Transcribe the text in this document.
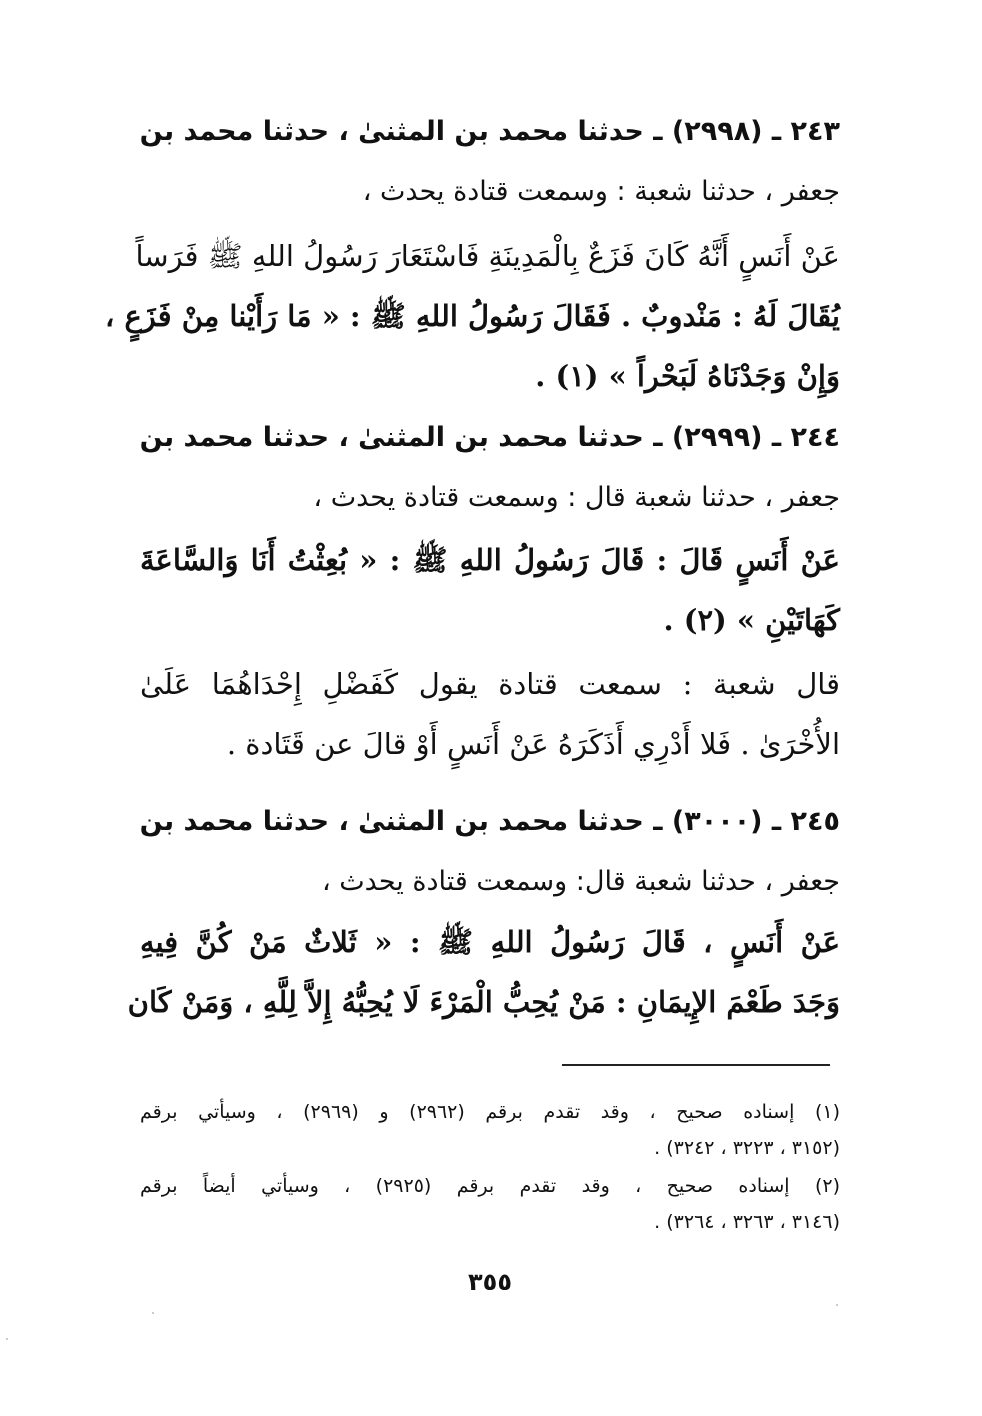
٢٤٣ ـ (٢٩٩٨) ـ حدثنا محمد بن المثنىٰ ، حدثنا محمد بن
جعفر ، حدثنا شعبة : وسمعت قتادة يحدث ،
عَنْ أَنَسٍ أَنَّهُ كَانَ فَزَعٌ بِالْمَدِينَةِ فَاسْتَعَارَ رَسُولُ اللهِ ﷺ فَرَساً
يُقَالَ لَهُ : مَنْدوبٌ . فَقَالَ رَسُولُ اللهِ ﷺ : « مَا رَأَيْنا مِنْ فَزَعٍ ،
وَإِنْ وَجَدْنَاهُ لَبَحْراً » (١) .
٢٤٤ ـ (٢٩٩٩) ـ حدثنا محمد بن المثنىٰ ، حدثنا محمد بن
جعفر ، حدثنا شعبة قال : وسمعت قتادة يحدث ،
عَنْ أَنَسٍ قَالَ : قَالَ رَسُولُ اللهِ ﷺ : « بُعِثْتُ أَنَا وَالسَّاعَةَ
كَهَاتَيْنِ » (٢) .
قال شعبة : سمعت قتادة يقول كَفَضْلِ إِحْدَاهُمَا عَلَىٰ
الأُخْرَىٰ . فَلا أَدْرِي أَذَكَرَهُ عَنْ أَنَسٍ أَوْ قالَ عن قَتَادة .
٢٤٥ ـ (٣٠٠٠) ـ حدثنا محمد بن المثنىٰ ، حدثنا محمد بن
جعفر ، حدثنا شعبة قال: وسمعت قتادة يحدث ،
عَنْ أَنَسٍ ، قَالَ رَسُولُ اللهِ ﷺ : « ثَلاثٌ مَنْ كُنَّ فِيهِ
وَجَدَ طَعْمَ الإِيمَانِ : مَنْ يُحِبُّ الْمَرْءَ لَا يُحِبُّهُ إِلاَّ لِلَّهِ ، وَمَنْ كَان
(١) إسناده صحيح ، وقد تقدم برقم (٢٩٦٢) و (٢٩٦٩) ، وسيأتي برقم
(٣١٥٢ ، ٣٢٢٣ ، ٣٢٤٢) .
(٢) إسناده صحيح ، وقد تقدم برقم (٢٩٢٥) ، وسيأتي أيضاً برقم
(٣١٤٦ ، ٣٢٦٣ ، ٣٢٦٤) .
٣٥٥
